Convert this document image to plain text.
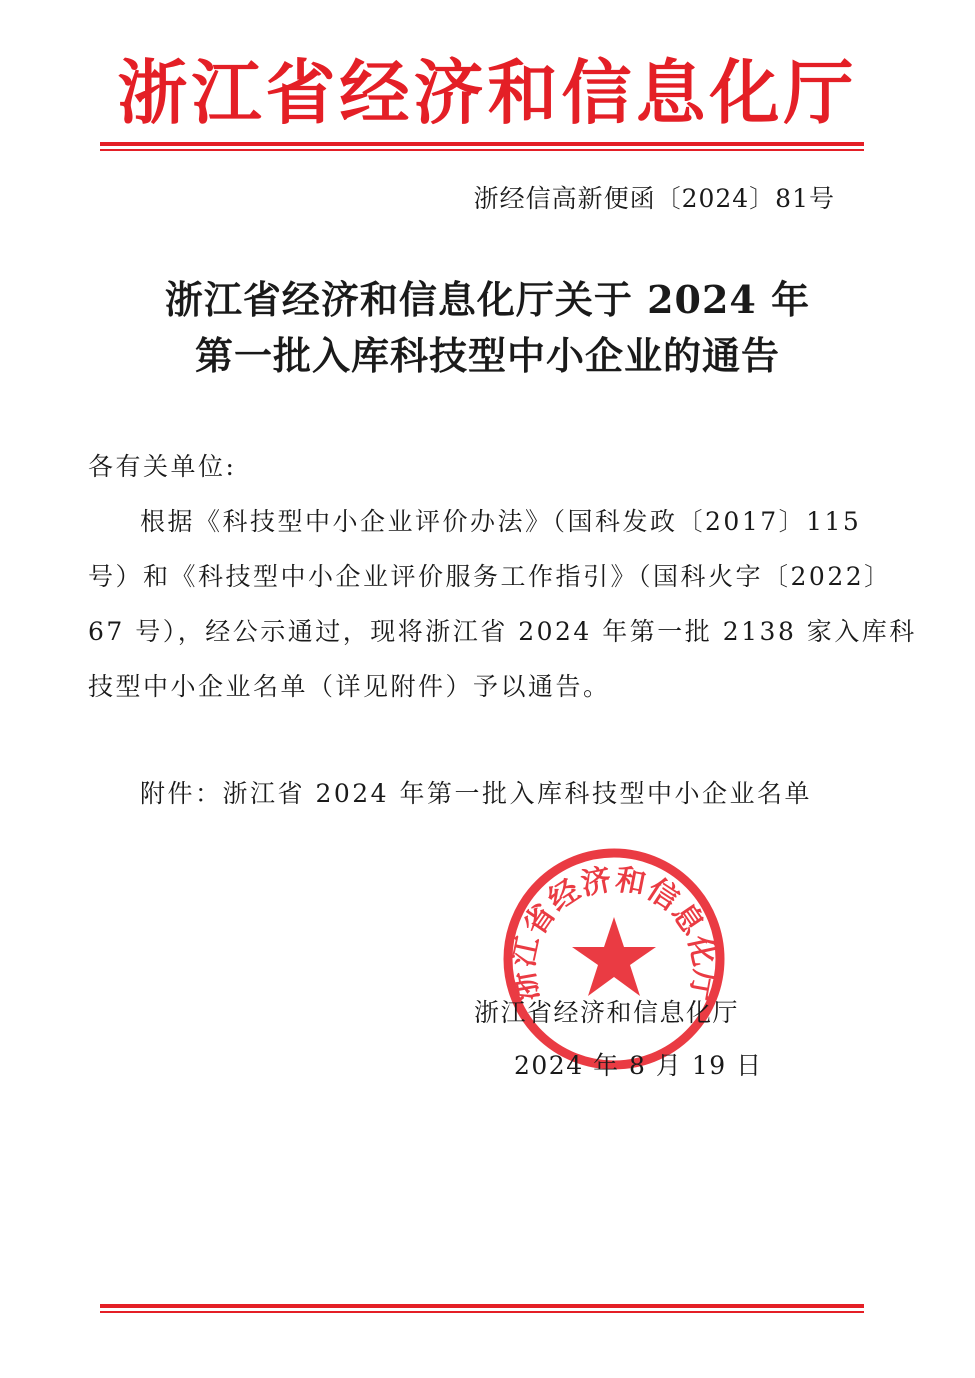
浙江省经济和信息化厅
浙经信高新便函〔2024〕81号
浙江省经济和信息化厅关于 2024 年
第一批入库科技型中小企业的通告
各有关单位:
根据《科技型中小企业评价办法》（国科发政〔2017〕115
号）和《科技型中小企业评价服务工作指引》（国科火字〔2022〕
67 号），经公示通过，现将浙江省 2024 年第一批 2138 家入库科
技型中小企业名单（详见附件）予以通告。
附件：浙江省 2024 年第一批入库科技型中小企业名单
浙江省经济和信息化厅
浙江省经济和信息化厅
2024 年 8 月 19 日
